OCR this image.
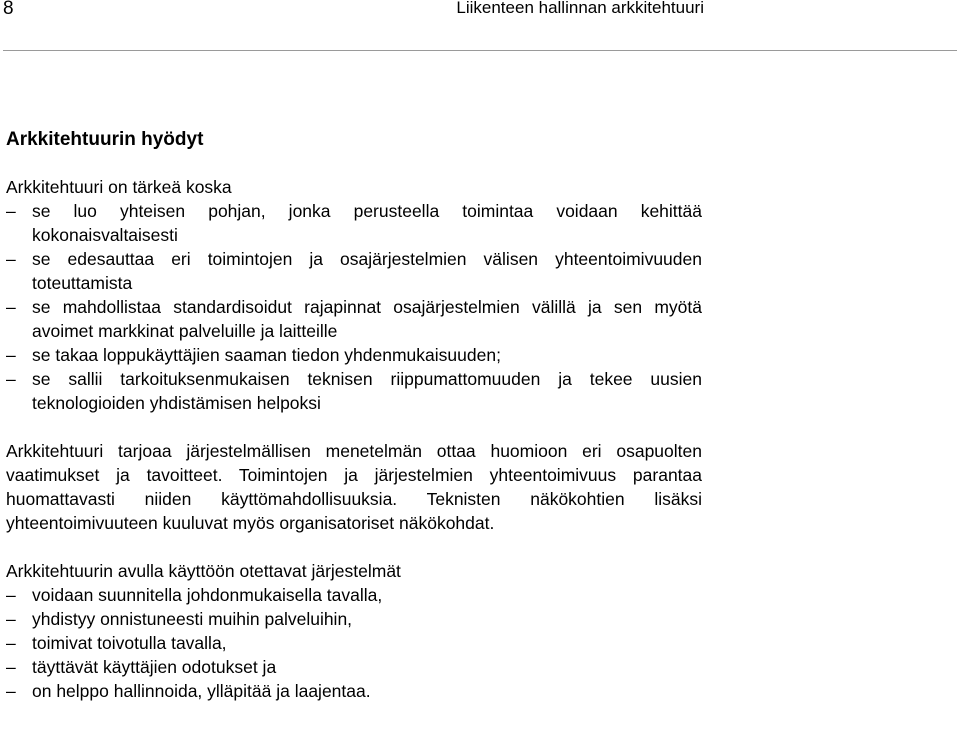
8	Liikenteen hallinnan arkkitehtuuri
Arkkitehtuurin hyödyt

Arkkitehtuuri on tärkeä koska

– se luo yhteisen pohjan, jonka perusteella toimintaa voidaan kehittää kokonaisvaltaisesti
– se edesauttaa eri toimintojen ja osajärjestelmien välisen yhteentoimivuuden toteuttamista
– se mahdollistaa standardisoidut rajapinnat osajärjestelmien välillä ja sen myötä avoimet markkinat palveluille ja laitteille
– se takaa loppukäyttäjien saaman tiedon yhdenmukaisuuden;
– se sallii tarkoituksenmukaisen teknisen riippumattomuuden ja tekee uusien teknologioiden yhdistämisen helpoksi

Arkkitehtuuri tarjoaa järjestelmällisen menetelmän ottaa huomioon eri osapuolten vaatimukset ja tavoitteet. Toimintojen ja järjestelmien yhteentoimivuus parantaa huomattavasti niiden käyttömahdollisuuksia. Teknisten näkökohtien lisäksi yhteentoimivuuteen kuuluvat myös organisatoriset näkökohdat.

Arkkitehtuurin avulla käyttöön otettavat järjestelmät

– voidaan suunnitella johdonmukaisella tavalla,
– yhdistyy onnistuneesti muihin palveluihin,
– toimivat toivotulla tavalla,
– täyttävät käyttäjien odotukset ja
– on helppo hallinnoida, ylläpitää ja laajentaa.
